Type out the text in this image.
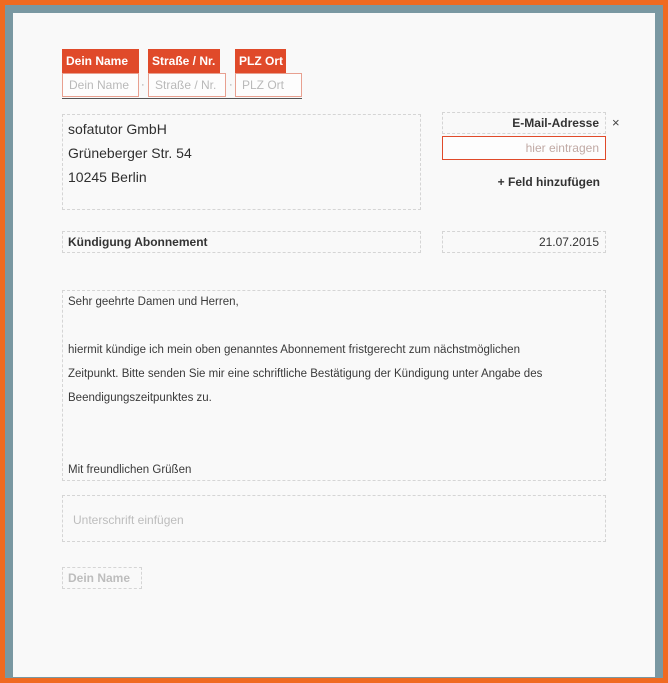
Dein Name	Straße / Nr.	PLZ Ort
Dein Name	· Straße / Nr.	· PLZ Ort
sofatutor GmbH
Grüneberger Str. 54
10245 Berlin
E-Mail-Adresse	×
hier eintragen
+ Feld hinzufügen
Kündigung Abonnement	21.07.2015

Sehr geehrte Damen und Herren,

hiermit kündige ich mein oben genanntes Abonnement fristgerecht zum nächstmöglichen

Zeitpunkt. Bitte senden Sie mir eine schriftliche Bestätigung der Kündigung unter Angabe des

Beendigungszeitpunktes zu.

Mit freundlichen Grüßen

Unterschrift einfügen
Dein Name
